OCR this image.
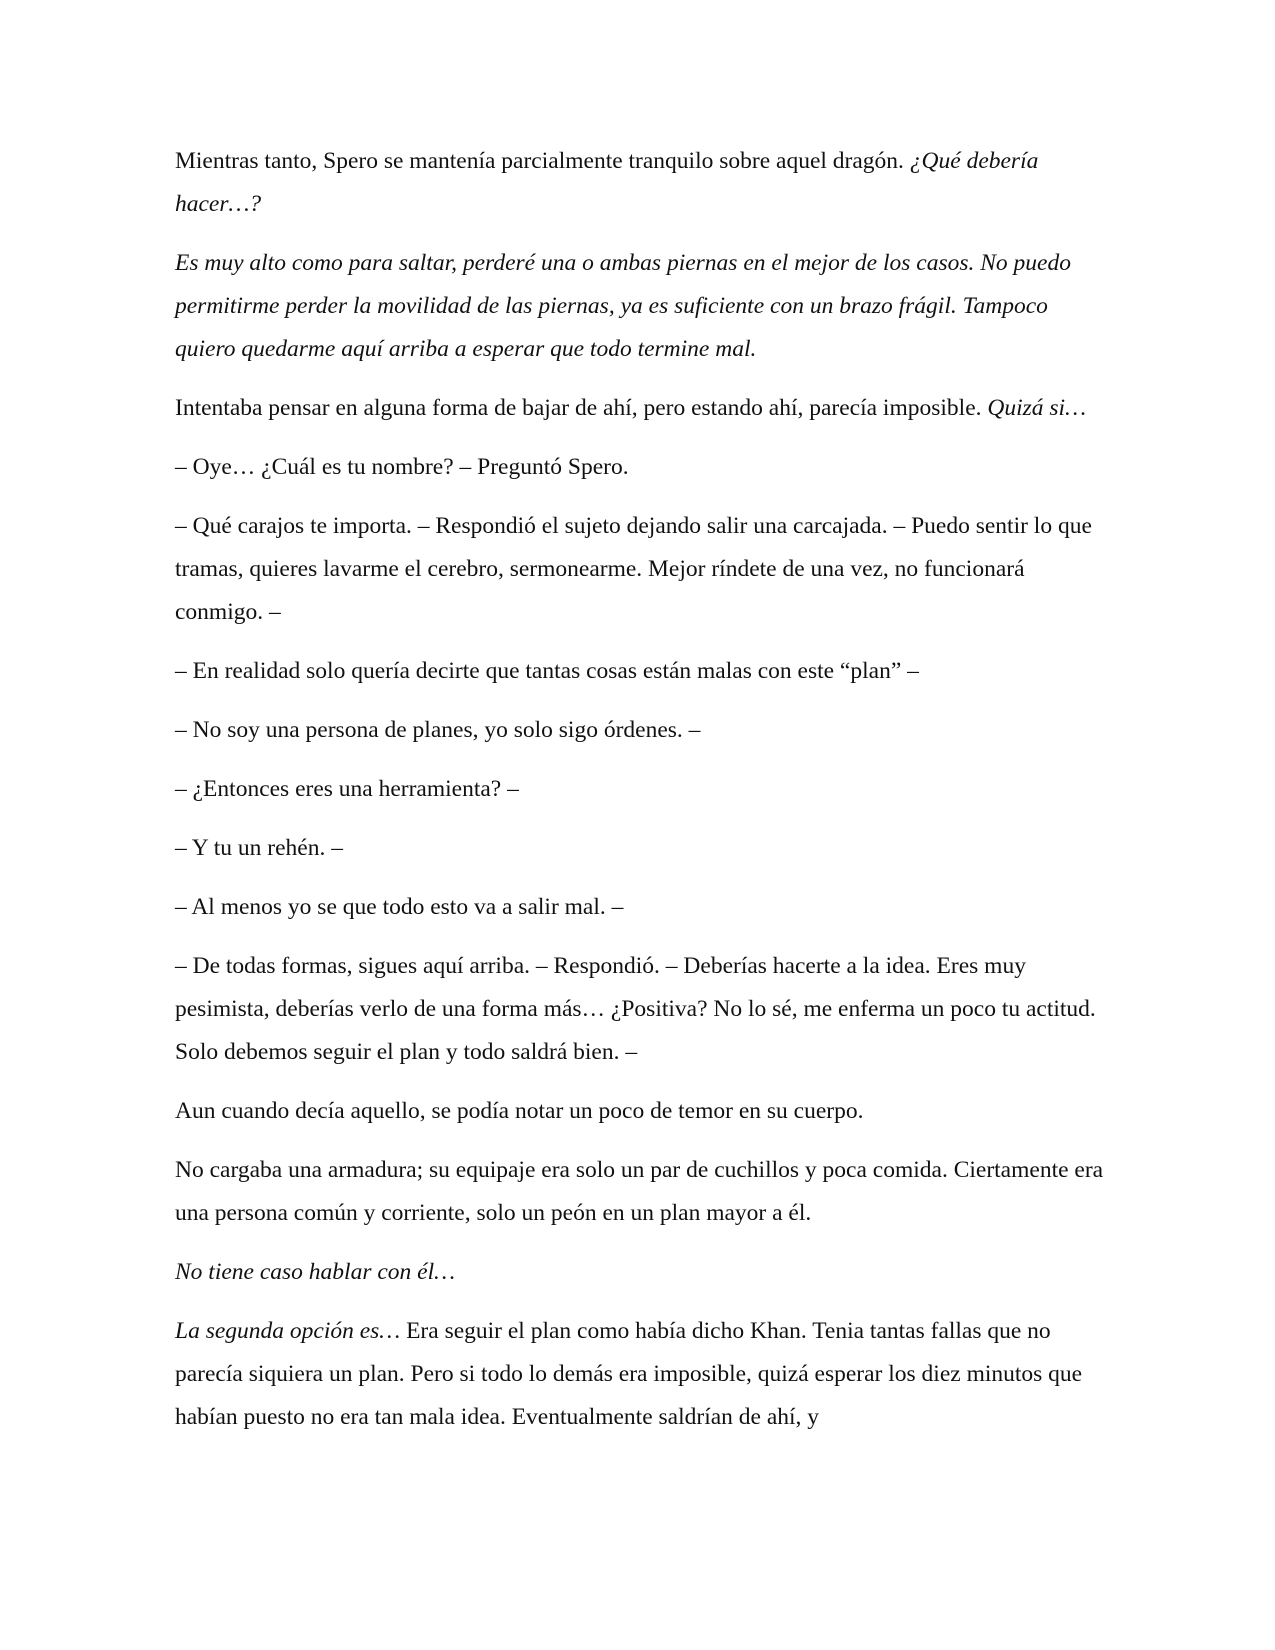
Mientras tanto, Spero se mantenía parcialmente tranquilo sobre aquel dragón. ¿Qué debería hacer…?

Es muy alto como para saltar, perderé una o ambas piernas en el mejor de los casos. No puedo permitirme perder la movilidad de las piernas, ya es suficiente con un brazo frágil. Tampoco quiero quedarme aquí arriba a esperar que todo termine mal.

Intentaba pensar en alguna forma de bajar de ahí, pero estando ahí, parecía imposible. Quizá si…

– Oye… ¿Cuál es tu nombre? – Preguntó Spero.

– Qué carajos te importa. – Respondió el sujeto dejando salir una carcajada. – Puedo sentir lo que tramas, quieres lavarme el cerebro, sermonearme. Mejor ríndete de una vez, no funcionará conmigo. –

– En realidad solo quería decirte que tantas cosas están malas con este “plan” –

– No soy una persona de planes, yo solo sigo órdenes. –

– ¿Entonces eres una herramienta? –

– Y tu un rehén. –

– Al menos yo se que todo esto va a salir mal. –

– De todas formas, sigues aquí arriba. – Respondió. – Deberías hacerte a la idea. Eres muy pesimista, deberías verlo de una forma más… ¿Positiva? No lo sé, me enferma un poco tu actitud. Solo debemos seguir el plan y todo saldrá bien. –

Aun cuando decía aquello, se podía notar un poco de temor en su cuerpo.

No cargaba una armadura; su equipaje era solo un par de cuchillos y poca comida. Ciertamente era una persona común y corriente, solo un peón en un plan mayor a él.

No tiene caso hablar con él…

La segunda opción es… Era seguir el plan como había dicho Khan. Tenia tantas fallas que no parecía siquiera un plan. Pero si todo lo demás era imposible, quizá esperar los diez minutos que habían puesto no era tan mala idea. Eventualmente saldrían de ahí, y
